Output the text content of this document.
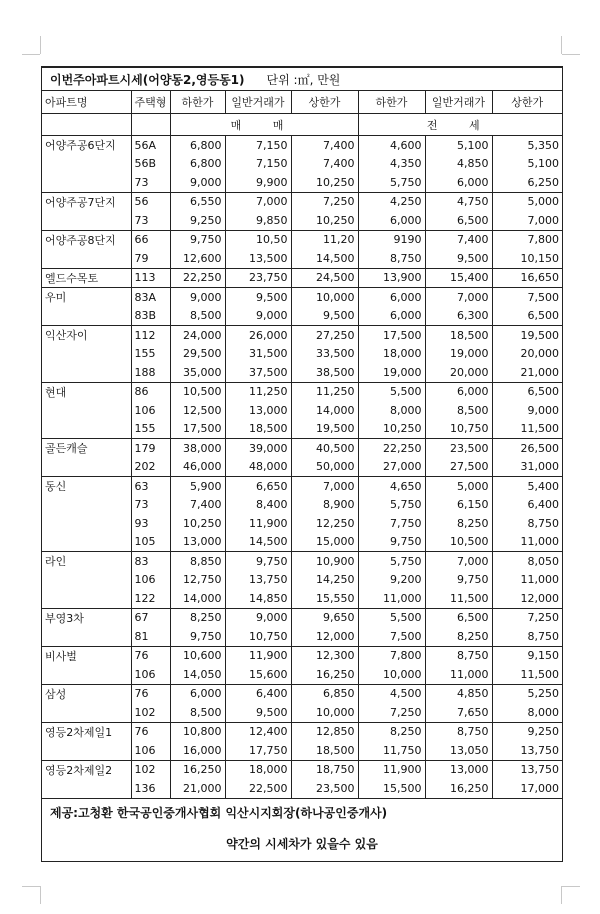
이번주아파트시세(어양동2,영등동1) 단위 :㎡, 만원
아파트명	주택형	하한가	일반거래가	상한가	하한가	일반거래가	상한가
		매 매			전 세		
어양주공6단지	56A	6,800	7,150	7,400	4,600	5,100	5,350
	56B	6,800	7,150	7,400	4,350	4,850	5,100
	73	9,000	9,900	10,250	5,750	6,000	6,250
어양주공7단지	56	6,550	7,000	7,250	4,250	4,750	5,000
	73	9,250	9,850	10,250	6,000	6,500	7,000
어양주공8단지	66	9,750	10,50	11,20	9190	7,400	7,800
	79	12,600	13,500	14,500	8,750	9,500	10,150
엘드수목토	113	22,250	23,750	24,500	13,900	15,400	16,650
우미	83A	9,000	9,500	10,000	6,000	7,000	7,500
	83B	8,500	9,000	9,500	6,000	6,300	6,500
익산자이	112	24,000	26,000	27,250	17,500	18,500	19,500
	155	29,500	31,500	33,500	18,000	19,000	20,000
	188	35,000	37,500	38,500	19,000	20,000	21,000
현대	86	10,500	11,250	11,250	5,500	6,000	6,500
	106	12,500	13,000	14,000	8,000	8,500	9,000
	155	17,500	18,500	19,500	10,250	10,750	11,500
골든캐슬	179	38,000	39,000	40,500	22,250	23,500	26,500
	202	46,000	48,000	50,000	27,000	27,500	31,000
동신	63	5,900	6,650	7,000	4,650	5,000	5,400
	73	7,400	8,400	8,900	5,750	6,150	6,400
	93	10,250	11,900	12,250	7,750	8,250	8,750
	105	13,000	14,500	15,000	9,750	10,500	11,000
라인	83	8,850	9,750	10,900	5,750	7,000	8,050
	106	12,750	13,750	14,250	9,200	9,750	11,000
	122	14,000	14,850	15,550	11,000	11,500	12,000
부영3차	67	8,250	9,000	9,650	5,500	6,500	7,250
	81	9,750	10,750	12,000	7,500	8,250	8,750
비사벌	76	10,600	11,900	12,300	7,800	8,750	9,150
	106	14,050	15,600	16,250	10,000	11,000	11,500
삼성	76	6,000	6,400	6,850	4,500	4,850	5,250
	102	8,500	9,500	10,000	7,250	7,650	8,000
영등2차제일1	76	10,800	12,400	12,850	8,250	8,750	9,250
	106	16,000	17,750	18,500	11,750	13,050	13,750
영등2차제일2	102	16,250	18,000	18,750	11,900	13,000	13,750
	136	21,000	22,500	23,500	15,500	16,250	17,000
제공:고청환 한국공인중개사협회 익산시지회장(하나공인중개사)
약간의 시세차가 있을수 있음
